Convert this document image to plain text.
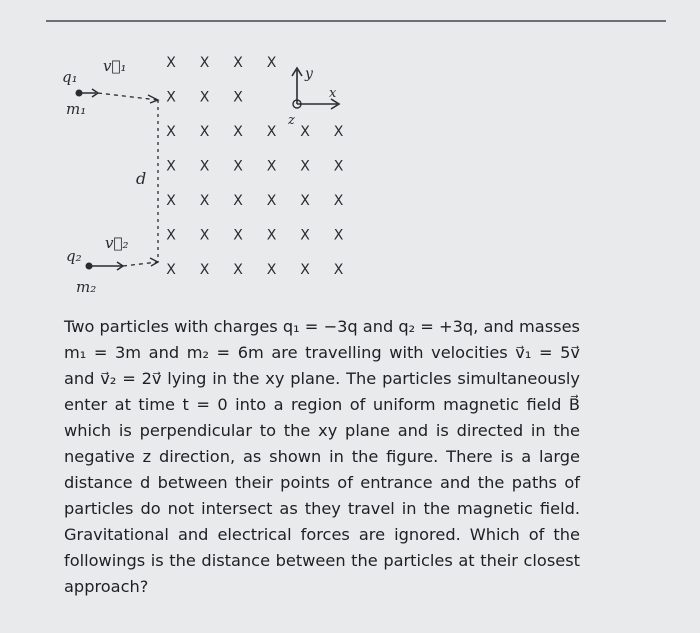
X X X X
X X X
X X X X X X
X X X X X X
X X X X X X
X X X X X X
X X X X X X
q₁
m₁
v⃗₁
q₂
m₂
v⃗₂
d
y
x
z

Two particles with charges q₁ = −3q and q₂ = +3q, and masses m₁ = 3m and m₂ = 6m are travelling with velocities v⃗₁ = 5v⃗ and v⃗₂ = 2v⃗ lying in the xy plane. The particles simultaneously enter at time t = 0 into a region of uniform magnetic field B⃗ which is perpendicular to the xy plane and is directed in the negative z direction, as shown in the figure. There is a large distance d between their points of entrance and the paths of particles do not intersect as they travel in the magnetic field. Gravitational and electrical forces are ignored. Which of the followings is the distance between the particles at their closest approach?
